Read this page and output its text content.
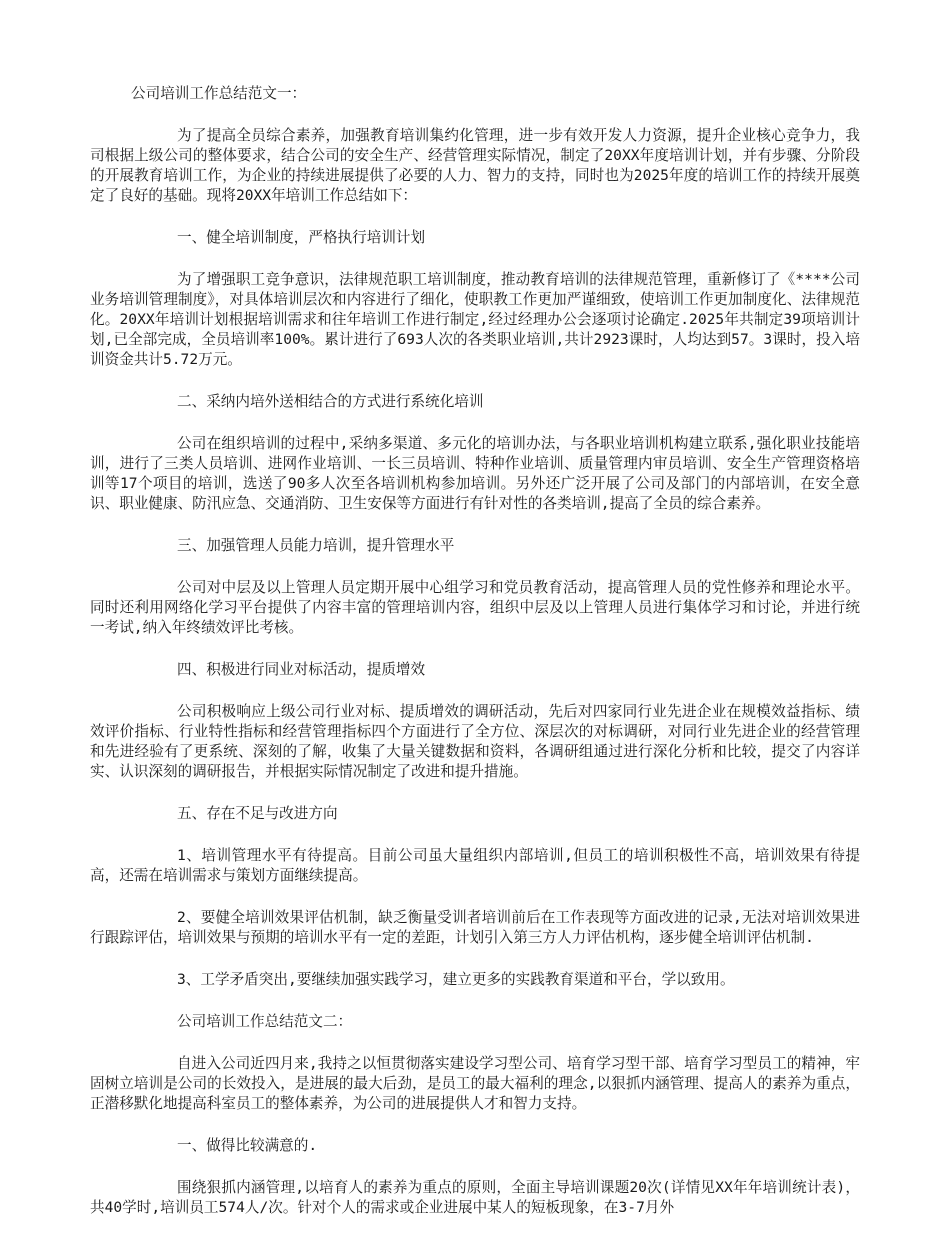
公司培训工作总结范文一：

为了提高全员综合素养，加强教育培训集约化管理，进一步有效开发人力资源，提升企业核心竞争力，我司根据上级公司的整体要求，结合公司的安全生产、经营管理实际情况，制定了20XX年度培训计划，并有步骤、分阶段的开展教育培训工作，为企业的持续进展提供了必要的人力、智力的支持，同时也为2025年度的培训工作的持续开展奠定了良好的基础。现将20XX年培训工作总结如下：

一、健全培训制度，严格执行培训计划

为了增强职工竞争意识，法律规范职工培训制度，推动教育培训的法律规范管理，重新修订了《****公司业务培训管理制度》，对具体培训层次和内容进行了细化，使职教工作更加严谨细致，使培训工作更加制度化、法律规范化。20XX年培训计划根据培训需求和往年培训工作进行制定,经过经理办公会逐项讨论确定.2025年共制定39项培训计划,已全部完成，全员培训率100%。累计进行了693人次的各类职业培训,共计2923课时，人均达到57。3课时，投入培训资金共计5.72万元。

二、采纳内培外送相结合的方式进行系统化培训

公司在组织培训的过程中,采纳多渠道、多元化的培训办法，与各职业培训机构建立联系,强化职业技能培训，进行了三类人员培训、进网作业培训、一长三员培训、特种作业培训、质量管理内审员培训、安全生产管理资格培训等17个项目的培训，选送了90多人次至各培训机构参加培训。另外还广泛开展了公司及部门的内部培训，在安全意识、职业健康、防汛应急、交通消防、卫生安保等方面进行有针对性的各类培训,提高了全员的综合素养。

三、加强管理人员能力培训，提升管理水平

公司对中层及以上管理人员定期开展中心组学习和党员教育活动，提高管理人员的党性修养和理论水平。同时还利用网络化学习平台提供了内容丰富的管理培训内容，组织中层及以上管理人员进行集体学习和讨论，并进行统一考试,纳入年终绩效评比考核。

四、积极进行同业对标活动，提质增效

公司积极响应上级公司行业对标、提质增效的调研活动，先后对四家同行业先进企业在规模效益指标、绩效评价指标、行业特性指标和经营管理指标四个方面进行了全方位、深层次的对标调研，对同行业先进企业的经营管理和先进经验有了更系统、深刻的了解，收集了大量关键数据和资料，各调研组通过进行深化分析和比较，提交了内容详实、认识深刻的调研报告，并根据实际情况制定了改进和提升措施。

五、存在不足与改进方向

1、培训管理水平有待提高。目前公司虽大量组织内部培训,但员工的培训积极性不高，培训效果有待提高，还需在培训需求与策划方面继续提高。

2、要健全培训效果评估机制，缺乏衡量受训者培训前后在工作表现等方面改进的记录,无法对培训效果进行跟踪评估，培训效果与预期的培训水平有一定的差距，计划引入第三方人力评估机构，逐步健全培训评估机制.

3、工学矛盾突出,要继续加强实践学习，建立更多的实践教育渠道和平台，学以致用。

公司培训工作总结范文二：

自进入公司近四月来,我持之以恒贯彻落实建设学习型公司、培育学习型干部、培育学习型员工的精神，牢固树立培训是公司的长效投入，是进展的最大后劲，是员工的最大福利的理念,以狠抓内涵管理、提高人的素养为重点，正潜移默化地提高科室员工的整体素养，为公司的进展提供人才和智力支持。

一、做得比较满意的.

围绕狠抓内涵管理,以培育人的素养为重点的原则，全面主导培训课题20次(详情见XX年年培训统计表)，共40学时,培训员工574人/次。针对个人的需求或企业进展中某人的短板现象，在3-7月外
